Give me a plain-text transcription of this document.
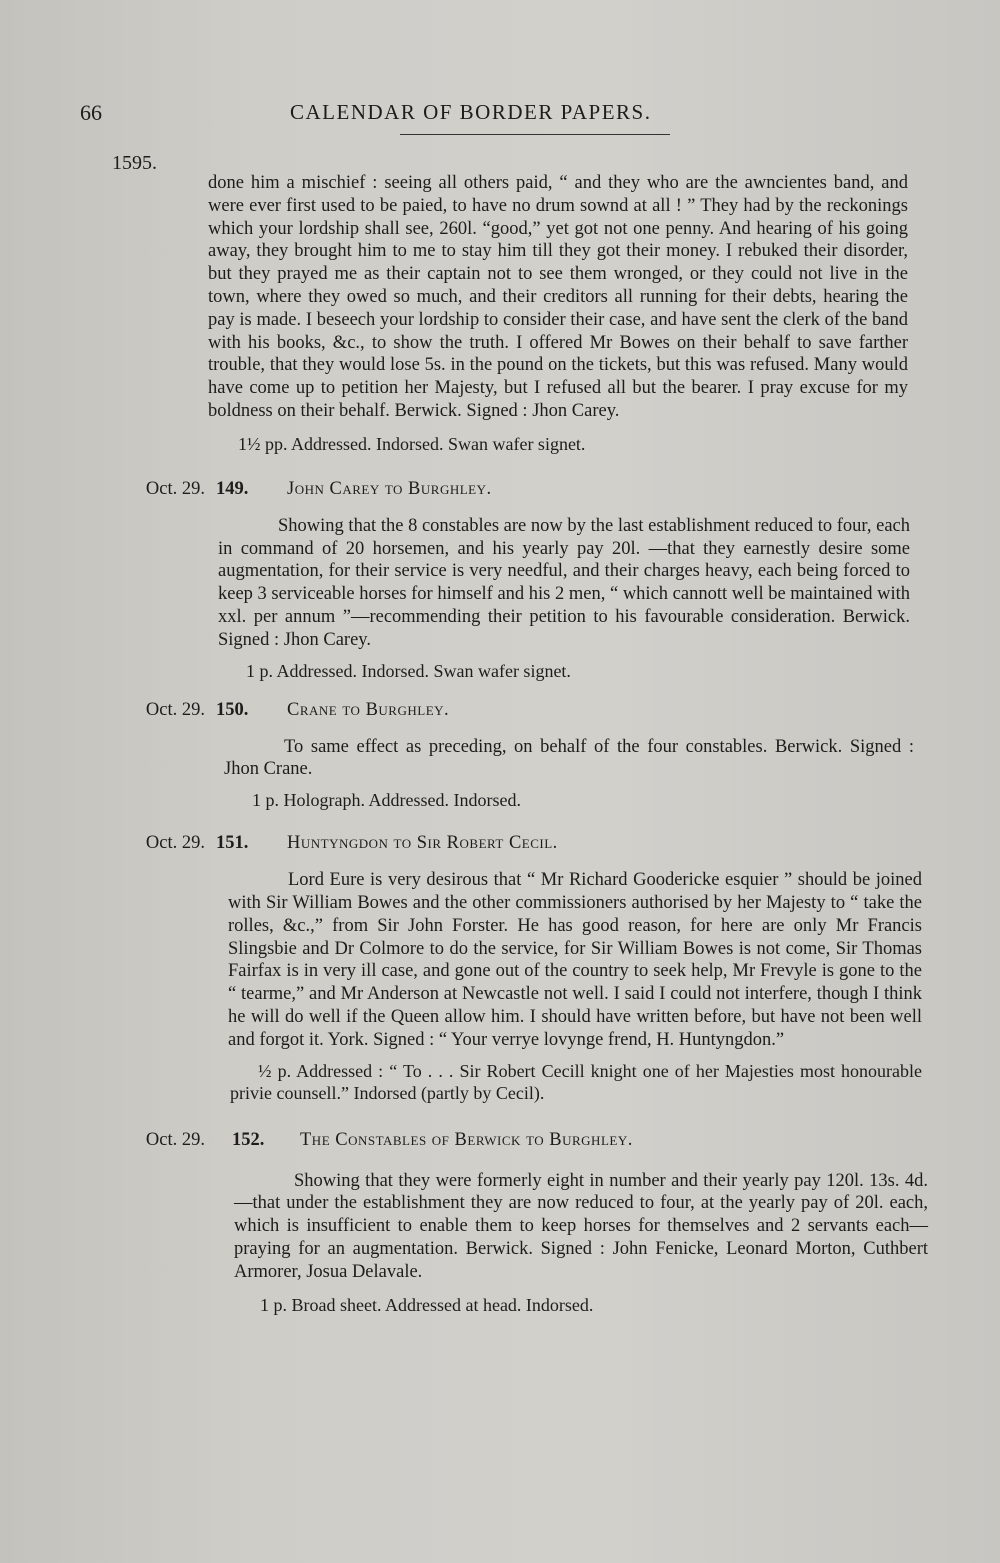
66	CALENDAR OF BORDER PAPERS.
1595.

done him a mischief : seeing all others paid, “ and they who are the awncientes band, and were ever first used to be paied, to have no drum sownd at all ! ” They had by the reckonings which your lordship shall see, 260l. “good,” yet got not one penny. And hearing of his going away, they brought him to me to stay him till they got their money. I rebuked their disorder, but they prayed me as their captain not to see them wronged, or they could not live in the town, where they owed so much, and their creditors all running for their debts, hearing the pay is made. I beseech your lordship to consider their case, and have sent the clerk of the band with his books, &c., to show the truth. I offered Mr Bowes on their behalf to save farther trouble, that they would lose 5s. in the pound on the tickets, but this was refused. Many would have come up to petition her Majesty, but I refused all but the bearer. I pray excuse for my boldness on their behalf. Berwick. Signed : Jhon Carey.

1½ pp. Addressed. Indorsed. Swan wafer signet.

Oct. 29. 149. John Carey to Burghley.

Showing that the 8 constables are now by the last establishment reduced to four, each in command of 20 horsemen, and his yearly pay 20l. —that they earnestly desire some augmentation, for their service is very needful, and their charges heavy, each being forced to keep 3 serviceable horses for himself and his 2 men, “ which cannott well be maintained with xxl. per annum ”—recommending their petition to his favourable consideration. Berwick. Signed : Jhon Carey.

1 p. Addressed. Indorsed. Swan wafer signet.

Oct. 29. 150. Crane to Burghley.

To same effect as preceding, on behalf of the four constables. Berwick. Signed : Jhon Crane.

1 p. Holograph. Addressed. Indorsed.

Oct. 29. 151. Huntyngdon to Sir Robert Cecil.

Lord Eure is very desirous that “ Mr Richard Goodericke esquier ” should be joined with Sir William Bowes and the other commissioners authorised by her Majesty to “ take the rolles, &c.,” from Sir John Forster. He has good reason, for here are only Mr Francis Slingsbie and Dr Colmore to do the service, for Sir William Bowes is not come, Sir Thomas Fairfax is in very ill case, and gone out of the country to seek help, Mr Frevyle is gone to the “ tearme,” and Mr Anderson at Newcastle not well. I said I could not interfere, though I think he will do well if the Queen allow him. I should have written before, but have not been well and forgot it. York. Signed : “ Your verrye lovynge frend, H. Huntyngdon.”

½ p. Addressed : “ To . . . Sir Robert Cecill knight one of her Majesties most honourable privie counsell.” Indorsed (partly by Cecil).

Oct. 29. 152. The Constables of Berwick to Burghley.

Showing that they were formerly eight in number and their yearly pay 120l. 13s. 4d.—that under the establishment they are now reduced to four, at the yearly pay of 20l. each, which is insufficient to enable them to keep horses for themselves and 2 servants each—praying for an augmentation. Berwick. Signed : John Fenicke, Leonard Morton, Cuthbert Armorer, Josua Delavale.

1 p. Broad sheet. Addressed at head. Indorsed.
